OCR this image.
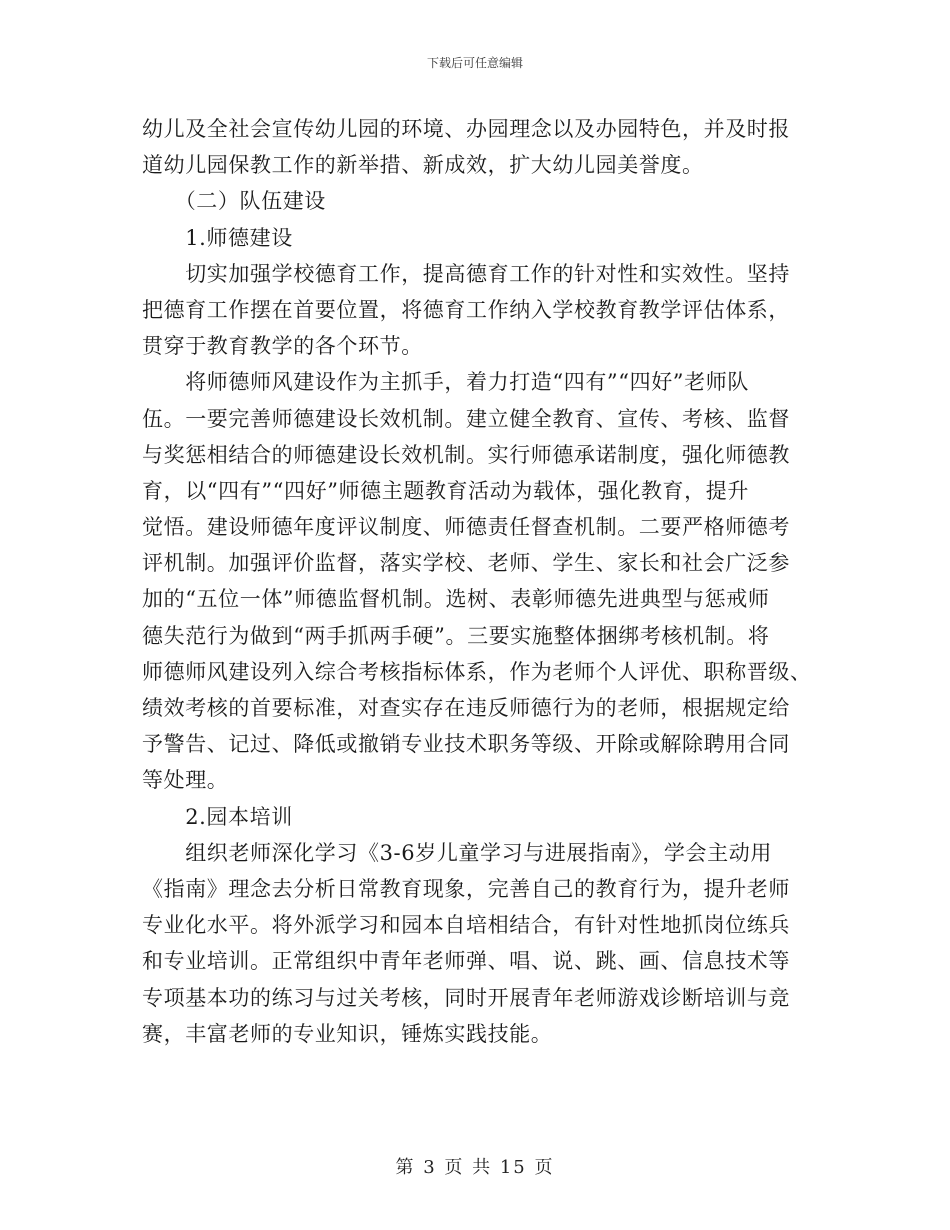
下载后可任意编辑
幼儿及全社会宣传幼儿园的环境、办园理念以及办园特色，并及时报
道幼儿园保教工作的新举措、新成效，扩大幼儿园美誉度。
　　（二）队伍建设
　　1.师德建设
　　切实加强学校德育工作，提高德育工作的针对性和实效性。坚持
把德育工作摆在首要位置，将德育工作纳入学校教育教学评估体系，
贯穿于教育教学的各个环节。
　　将师德师风建设作为主抓手，着力打造“四有”“四好”老师队
伍。一要完善师德建设长效机制。建立健全教育、宣传、考核、监督
与奖惩相结合的师德建设长效机制。实行师德承诺制度，强化师德教
育，以“四有”“四好”师德主题教育活动为载体，强化教育，提升
觉悟。建设师德年度评议制度、师德责任督查机制。二要严格师德考
评机制。加强评价监督，落实学校、老师、学生、家长和社会广泛参
加的“五位一体”师德监督机制。选树、表彰师德先进典型与惩戒师
德失范行为做到“两手抓两手硬”。三要实施整体捆绑考核机制。将
师德师风建设列入综合考核指标体系，作为老师个人评优、职称晋级、
绩效考核的首要标准，对查实存在违反师德行为的老师，根据规定给
予警告、记过、降低或撤销专业技术职务等级、开除或解除聘用合同
等处理。
　　2.园本培训
　　组织老师深化学习《3-6岁儿童学习与进展指南》，学会主动用
《指南》理念去分析日常教育现象，完善自己的教育行为，提升老师
专业化水平。将外派学习和园本自培相结合，有针对性地抓岗位练兵
和专业培训。正常组织中青年老师弹、唱、说、跳、画、信息技术等
专项基本功的练习与过关考核，同时开展青年老师游戏诊断培训与竞
赛，丰富老师的专业知识，锤炼实践技能。
第 3 页 共 15 页
